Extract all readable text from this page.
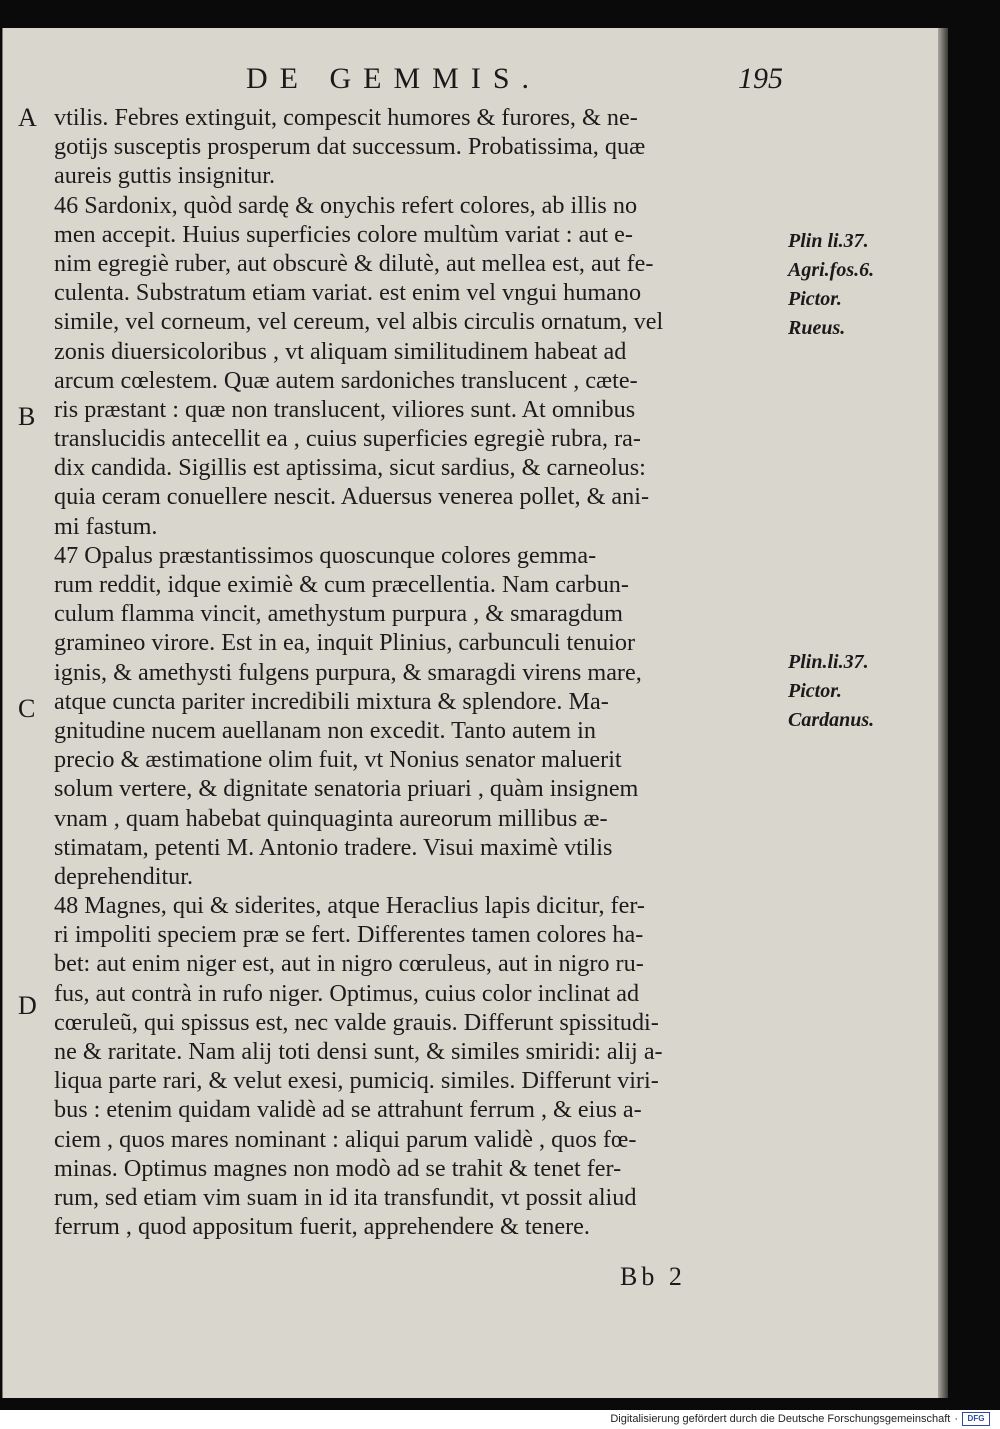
DE GEMMIS.	195
A
B
C
D
vtilis. Febres extinguit, compescit humores & furores, & ne-
gotijs susceptis prosperum dat successum. Probatissima, quæ
aureis guttis insignitur.
46 Sardonix, quòd sardę & onychis refert colores, ab illis no
men accepit. Huius superficies colore multùm variat : aut e-
nim egregiè ruber, aut obscurè & dilutè, aut mellea est, aut fe-
culenta. Substratum etiam variat. est enim vel vngui humano
simile, vel corneum, vel cereum, vel albis circulis ornatum, vel
zonis diuersicoloribus , vt aliquam similitudinem habeat ad
arcum cœlestem. Quæ autem sardoniches translucent , cæte-
ris præstant : quæ non translucent, viliores sunt. At omnibus
translucidis antecellit ea , cuius superficies egregiè rubra, ra-
dix candida. Sigillis est aptissima, sicut sardius, & carneolus:
quia ceram conuellere nescit. Aduersus venerea pollet, & ani-
mi fastum.
47 Opalus præstantissimos quoscunque colores gemma-
rum reddit, idque eximiè & cum præcellentia. Nam carbun-
culum flamma vincit, amethystum purpura , & smaragdum
gramineo virore. Est in ea, inquit Plinius, carbunculi tenuior
ignis, & amethysti fulgens purpura, & smaragdi virens mare,
atque cuncta pariter incredibili mixtura & splendore. Ma-
gnitudine nucem auellanam non excedit. Tanto autem in
precio & æstimatione olim fuit, vt Nonius senator maluerit
solum vertere, & dignitate senatoria priuari , quàm insignem
vnam , quam habebat quinquaginta aureorum millibus æ-
stimatam, petenti M. Antonio tradere. Visui maximè vtilis
deprehenditur.
48 Magnes, qui & siderites, atque Heraclius lapis dicitur, fer-
ri impoliti speciem præ se fert. Differentes tamen colores ha-
bet: aut enim niger est, aut in nigro cœruleus, aut in nigro ru-
fus, aut contrà in rufo niger. Optimus, cuius color inclinat ad
cœruleũ, qui spissus est, nec valde grauis. Differunt spissitudi-
ne & raritate. Nam alij toti densi sunt, & similes smiridi: alij a-
liqua parte rari, & velut exesi, pumiciq. similes. Differunt viri-
bus : etenim quidam validè ad se attrahunt ferrum , & eius a-
ciem , quos mares nominant : aliqui parum validè , quos fœ-
minas. Optimus magnes non modò ad se trahit & tenet fer-
rum, sed etiam vim suam in id ita transfundit, vt possit aliud
ferrum , quod appositum fuerit, apprehendere & tenere.
Plin li.37.
Agri.fos.6.
Pictor.
Rueus.
Plin.li.37.
Pictor.
Cardanus.
Bb 2
Digitalisierung gefördert durch die Deutsche Forschungsgemeinschaft ·	DFG
